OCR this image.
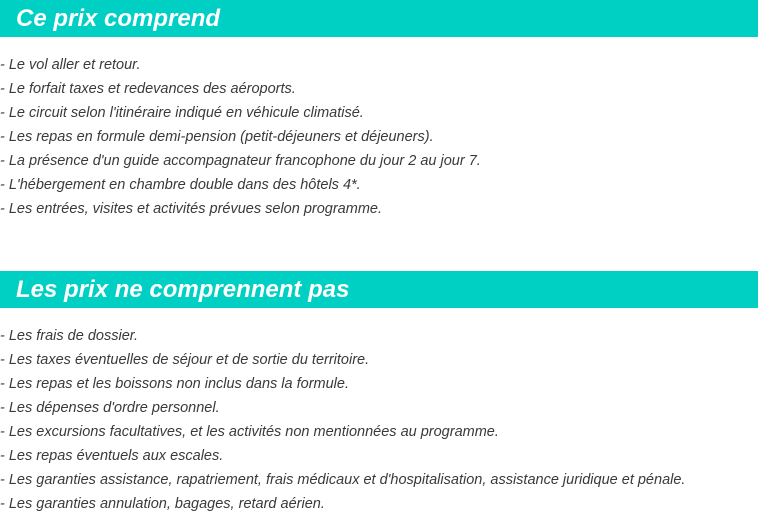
Ce prix comprend
- Le vol aller et retour.
- Le forfait taxes et redevances des aéroports.
- Le circuit selon l'itinéraire indiqué en véhicule climatisé.
- Les repas en formule demi-pension (petit-déjeuners et déjeuners).
- La présence d'un guide accompagnateur francophone du jour 2 au jour 7.
- L'hébergement en chambre double dans des hôtels 4*.
- Les entrées, visites et activités prévues selon programme.
Les prix ne comprennent pas
- Les frais de dossier.
- Les taxes éventuelles de séjour et de sortie du territoire.
- Les repas et les boissons non inclus dans la formule.
- Les dépenses d'ordre personnel.
- Les excursions facultatives, et les activités non mentionnées au programme.
- Les repas éventuels aux escales.
- Les garanties assistance, rapatriement, frais médicaux et d'hospitalisation, assistance juridique et pénale.
- Les garanties annulation, bagages, retard aérien.
